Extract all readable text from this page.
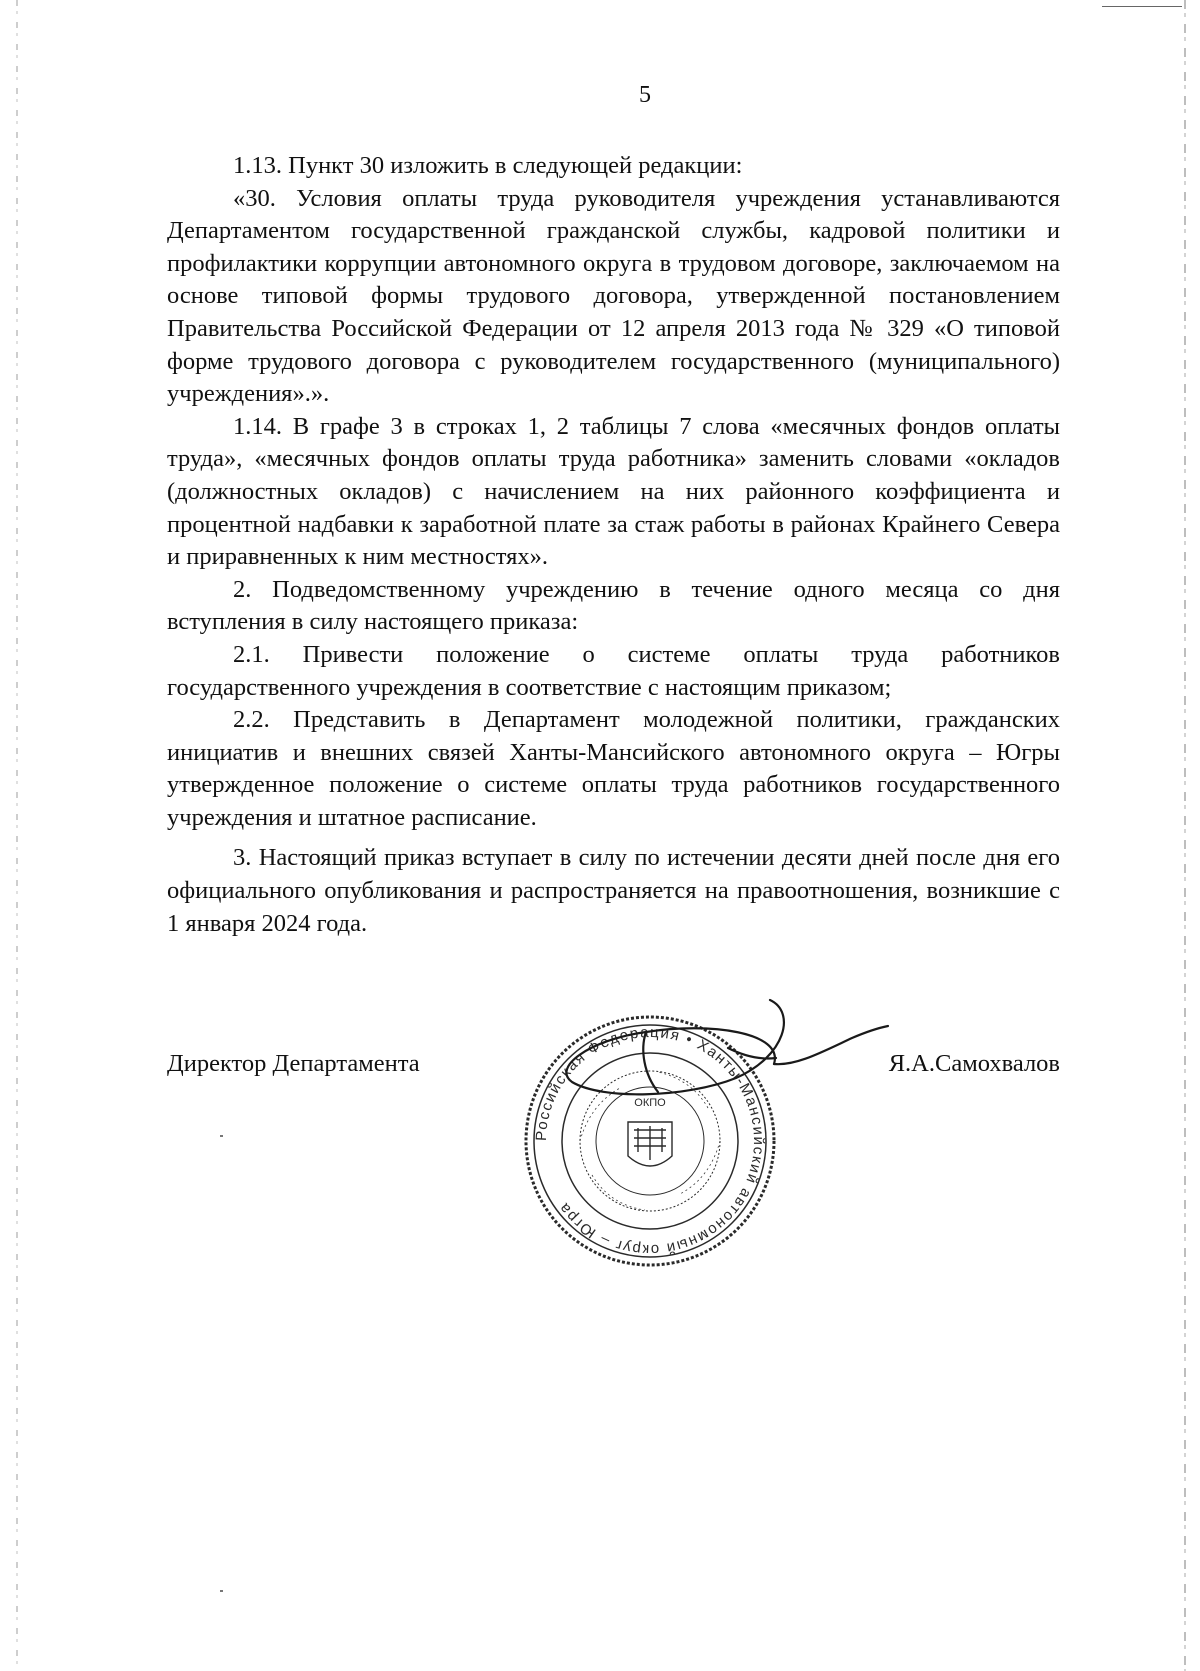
5

1.13. Пункт 30 изложить в следующей редакции:

«30. Условия оплаты труда руководителя учреждения устанавливаются Департаментом государственной гражданской службы, кадровой политики и профилактики коррупции автономного округа в трудовом договоре, заключаемом на основе типовой формы трудового договора, утвержденной постановлением Правительства Российской Федерации от 12 апреля 2013 года № 329 «О типовой форме трудового договора с руководителем государственного (муниципального) учреждения».».

1.14. В графе 3 в строках 1, 2 таблицы 7 слова «месячных фондов оплаты труда», «месячных фондов оплаты труда работника» заменить словами «окладов (должностных окладов) с начислением на них районного коэффициента и процентной надбавки к заработной плате за стаж работы в районах Крайнего Севера и приравненных к ним местностях».

2. Подведомственному учреждению в течение одного месяца со дня вступления в силу настоящего приказа:

2.1. Привести положение о системе оплаты труда работников государственного учреждения в соответствие с настоящим приказом;

2.2. Представить в Департамент молодежной политики, гражданских инициатив и внешних связей Ханты-Мансийского автономного округа – Югры утвержденное положение о системе оплаты труда работников государственного учреждения и штатное расписание.

3. Настоящий приказ вступает в силу по истечении десяти дней после дня его официального опубликования и распространяется на правоотношения, возникшие с 1 января 2024 года.

Директор Департамента	Я.А.Самохвалов
Российская Федерация • Ханты-Мансийский автономный округ – Югра
ОКПО
